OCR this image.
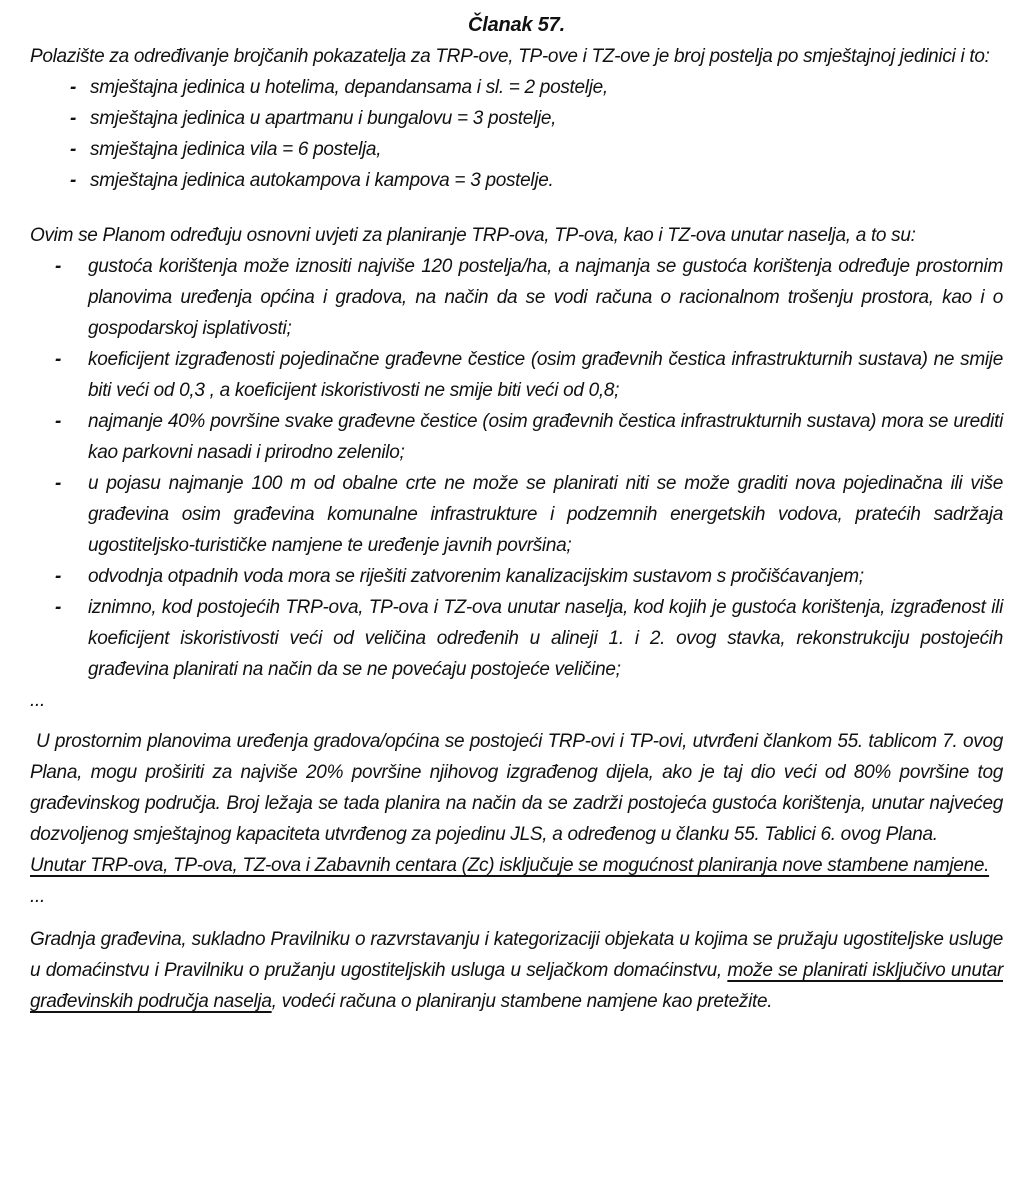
Članak 57.

Polazište za određivanje brojčanih pokazatelja za TRP-ove, TP-ove i TZ-ove je broj postelja po smještajnoj jedinici i to:

- smještajna jedinica u hotelima, depandansama i sl. = 2 postelje,
- smještajna jedinica u apartmanu i bungalovu = 3 postelje,
- smještajna jedinica vila = 6 postelja,
- smještajna jedinica autokampova i kampova = 3 postelje.

Ovim se Planom određuju osnovni uvjeti za planiranje TRP-ova, TP-ova, kao i TZ-ova unutar naselja, a to su:

-	gustoća korištenja može iznositi najviše 120 postelja/ha, a najmanja se gustoća korištenja određuje prostornim planovima uređenja općina i gradova, na način da se vodi računa o racionalnom trošenju prostora, kao i o gospodarskoj isplativosti;
-	koeficijent izgrađenosti pojedinačne građevne čestice (osim građevnih čestica infrastrukturnih sustava) ne smije biti veći od 0,3 , a koeficijent iskoristivosti ne smije biti veći od 0,8;
-	najmanje 40% površine svake građevne čestice (osim građevnih čestica infrastrukturnih sustava) mora se urediti kao parkovni nasadi i prirodno zelenilo;
-	u pojasu najmanje 100 m od obalne crte ne može se planirati niti se može graditi nova pojedinačna ili više građevina osim građevina komunalne infrastrukture i podzemnih energetskih vodova, pratećih sadržaja ugostiteljsko-turističke namjene te uređenje javnih površina;
-	odvodnja otpadnih voda mora se riješiti zatvorenim kanalizacijskim sustavom s pročišćavanjem;
-	iznimno, kod postojećih TRP-ova, TP-ova i TZ-ova unutar naselja, kod kojih je gustoća korištenja, izgrađenost ili koeficijent iskoristivosti veći od veličina određenih u alineji 1. i 2. ovog stavka, rekonstrukciju postojećih građevina planirati na način da se ne povećaju postojeće veličine;
...

U prostornim planovima uređenja gradova/općina se postojeći TRP-ovi i TP-ovi, utvrđeni člankom 55. tablicom 7. ovog Plana, mogu proširiti za najviše 20% površine njihovog izgrađenog dijela, ako je taj dio veći od 80% površine tog građevinskog područja. Broj ležaja se tada planira na način da se zadrži postojeća gustoća korištenja, unutar najvećeg dozvoljenog smještajnog kapaciteta utvrđenog za pojedinu JLS, a određenog u članku 55. Tablici 6. ovog Plana.

Unutar TRP-ova, TP-ova, TZ-ova i Zabavnih centara (Zc) isključuje se mogućnost planiranja nove stambene namjene.

...

Gradnja građevina, sukladno Pravilniku o razvrstavanju i kategorizaciji objekata u kojima se pružaju ugostiteljske usluge u domaćinstvu i Pravilniku o pružanju ugostiteljskih usluga u seljačkom domaćinstvu, može se planirati isključivo unutar građevinskih područja naselja, vodeći računa o planiranju stambene namjene kao pretežite.
